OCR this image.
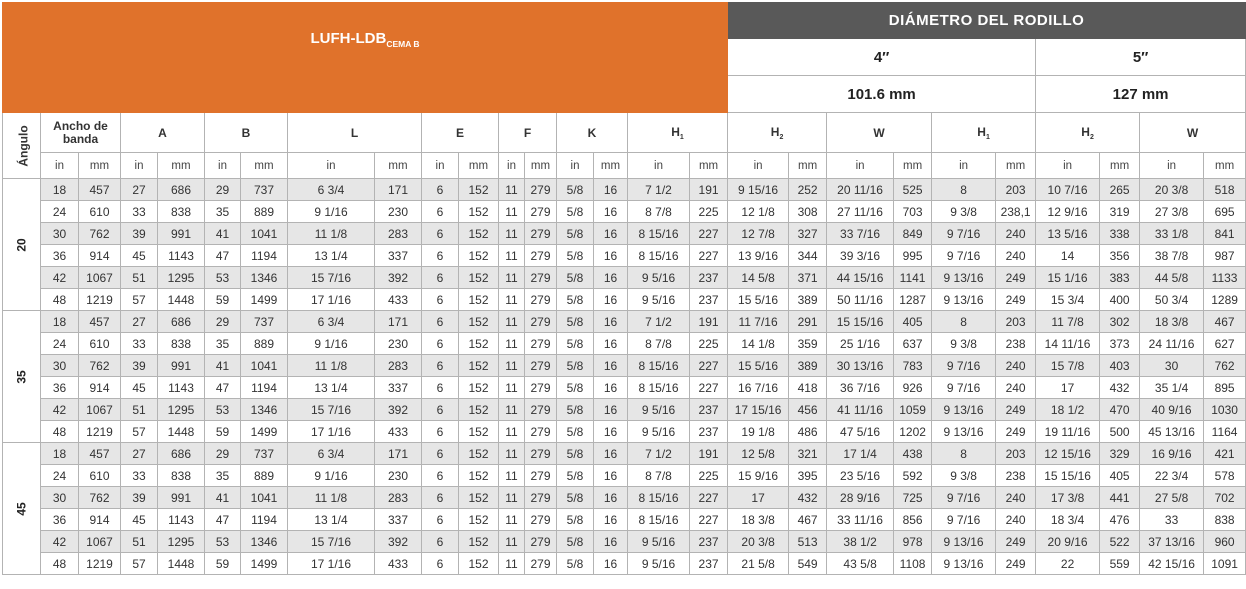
LUFH-$LDB_{CEMA B}$																	DIÁMETRO DEL RODILLO									
																	4″						5″			
																	101.6 mm						127 mm			
Ángulo	Ancho de banda		A		B		L		E		F		K		$H_1$		$H_2$		W		$H_1$		$H_2$		W	
	in	mm	in	mm	in	mm	in	mm	in	mm	in	mm	in	mm	in	mm	in	mm	in	mm	in	mm	in	mm	in	mm
20	18	457	27	686	29	737	6 3/4	171	6	152	11	279	5/8	16	7 1/2	191	9 15/16	252	20 11/16	525	8	203	10 7/16	265	20 3/8	518
	24	610	33	838	35	889	9 1/16	230	6	152	11	279	5/8	16	8 7/8	225	12 1/8	308	27 11/16	703	9 3/8	238,1	12 9/16	319	27 3/8	695
	30	762	39	991	41	1041	11 1/8	283	6	152	11	279	5/8	16	8 15/16	227	12 7/8	327	33 7/16	849	9 7/16	240	13 5/16	338	33 1/8	841
	36	914	45	1143	47	1194	13 1/4	337	6	152	11	279	5/8	16	8 15/16	227	13 9/16	344	39 3/16	995	9 7/16	240	14	356	38 7/8	987
	42	1067	51	1295	53	1346	15 7/16	392	6	152	11	279	5/8	16	9 5/16	237	14 5/8	371	44 15/16	1141	9 13/16	249	15 1/16	383	44 5/8	1133
	48	1219	57	1448	59	1499	17 1/16	433	6	152	11	279	5/8	16	9 5/16	237	15 5/16	389	50 11/16	1287	9 13/16	249	15 3/4	400	50 3/4	1289
35	18	457	27	686	29	737	6 3/4	171	6	152	11	279	5/8	16	7 1/2	191	11 7/16	291	15 15/16	405	8	203	11 7/8	302	18 3/8	467
	24	610	33	838	35	889	9 1/16	230	6	152	11	279	5/8	16	8 7/8	225	14 1/8	359	25 1/16	637	9 3/8	238	14 11/16	373	24 11/16	627
	30	762	39	991	41	1041	11 1/8	283	6	152	11	279	5/8	16	8 15/16	227	15 5/16	389	30 13/16	783	9 7/16	240	15 7/8	403	30	762
	36	914	45	1143	47	1194	13 1/4	337	6	152	11	279	5/8	16	8 15/16	227	16 7/16	418	36 7/16	926	9 7/16	240	17	432	35 1/4	895
	42	1067	51	1295	53	1346	15 7/16	392	6	152	11	279	5/8	16	9 5/16	237	17 15/16	456	41 11/16	1059	9 13/16	249	18 1/2	470	40 9/16	1030
	48	1219	57	1448	59	1499	17 1/16	433	6	152	11	279	5/8	16	9 5/16	237	19 1/8	486	47 5/16	1202	9 13/16	249	19 11/16	500	45 13/16	1164
45	18	457	27	686	29	737	6 3/4	171	6	152	11	279	5/8	16	7 1/2	191	12 5/8	321	17 1/4	438	8	203	12 15/16	329	16 9/16	421
	24	610	33	838	35	889	9 1/16	230	6	152	11	279	5/8	16	8 7/8	225	15 9/16	395	23 5/16	592	9 3/8	238	15 15/16	405	22 3/4	578
	30	762	39	991	41	1041	11 1/8	283	6	152	11	279	5/8	16	8 15/16	227	17	432	28 9/16	725	9 7/16	240	17 3/8	441	27 5/8	702
	36	914	45	1143	47	1194	13 1/4	337	6	152	11	279	5/8	16	8 15/16	227	18 3/8	467	33 11/16	856	9 7/16	240	18 3/4	476	33	838
	42	1067	51	1295	53	1346	15 7/16	392	6	152	11	279	5/8	16	9 5/16	237	20 3/8	513	38 1/2	978	9 13/16	249	20 9/16	522	37 13/16	960
	48	1219	57	1448	59	1499	17 1/16	433	6	152	11	279	5/8	16	9 5/16	237	21 5/8	549	43 5/8	1108	9 13/16	249	22	559	42 15/16	1091
